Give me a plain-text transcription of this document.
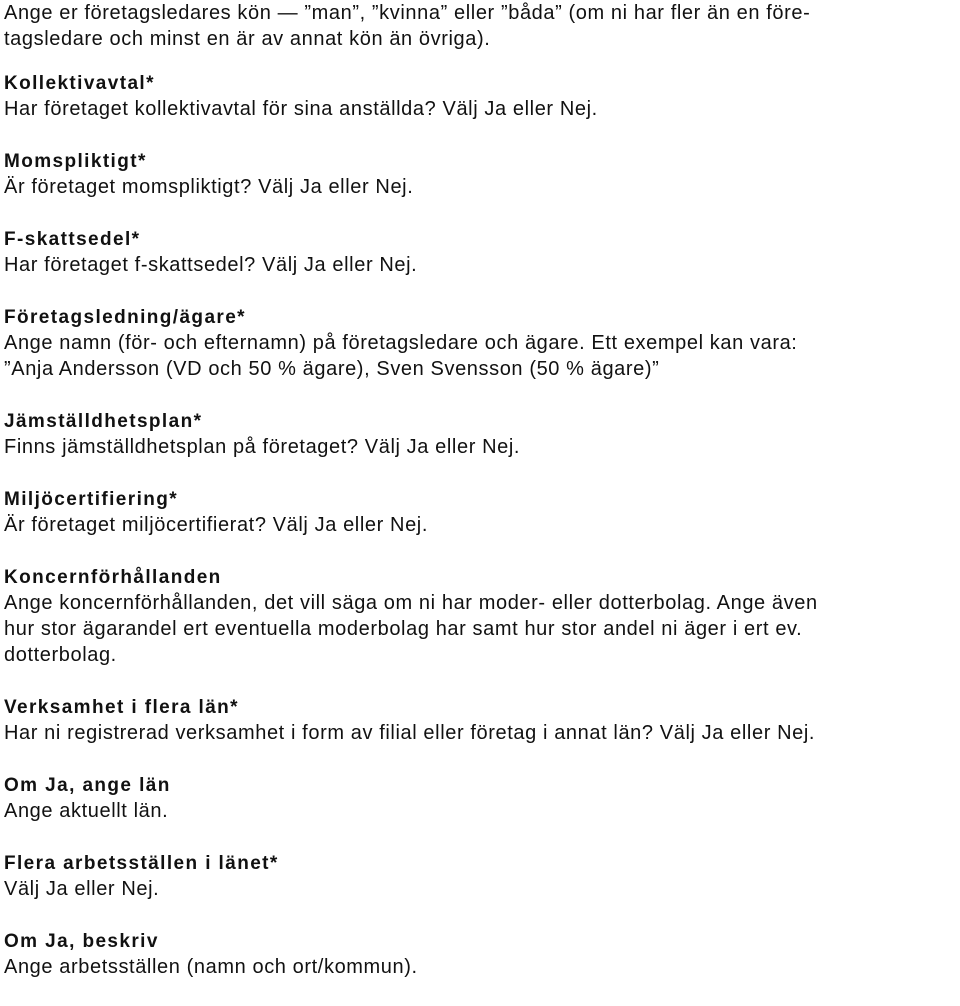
Ange er företagsledares kön — ”man”, ”kvinna” eller ”båda” (om ni har fler än en före-

tagsledare och minst en är av annat kön än övriga).

Kollektivavtal*

Har företaget kollektivavtal för sina anställda? Välj Ja eller Nej.

Momspliktigt*

Är företaget momspliktigt? Välj Ja eller Nej.

F-skattsedel*

Har företaget f-skattsedel? Välj Ja eller Nej.

Företagsledning/ägare*

Ange namn (för- och efternamn) på företagsledare och ägare. Ett exempel kan vara:

”Anja Andersson (VD och 50 % ägare), Sven Svensson (50 % ägare)”

Jämställdhetsplan*

Finns jämställdhetsplan på företaget? Välj Ja eller Nej.

Miljöcertifiering*

Är företaget miljöcertifierat? Välj Ja eller Nej.

Koncernförhållanden

Ange koncernförhållanden, det vill säga om ni har moder- eller dotterbolag. Ange även

hur stor ägarandel ert eventuella moderbolag har samt hur stor andel ni äger i ert ev.

dotterbolag.

Verksamhet i flera län*

Har ni registrerad verksamhet i form av filial eller företag i annat län? Välj Ja eller Nej.

Om Ja, ange län

Ange aktuellt län.

Flera arbetsställen i länet*

Välj Ja eller Nej.

Om Ja, beskriv

Ange arbetsställen (namn och ort/kommun).
